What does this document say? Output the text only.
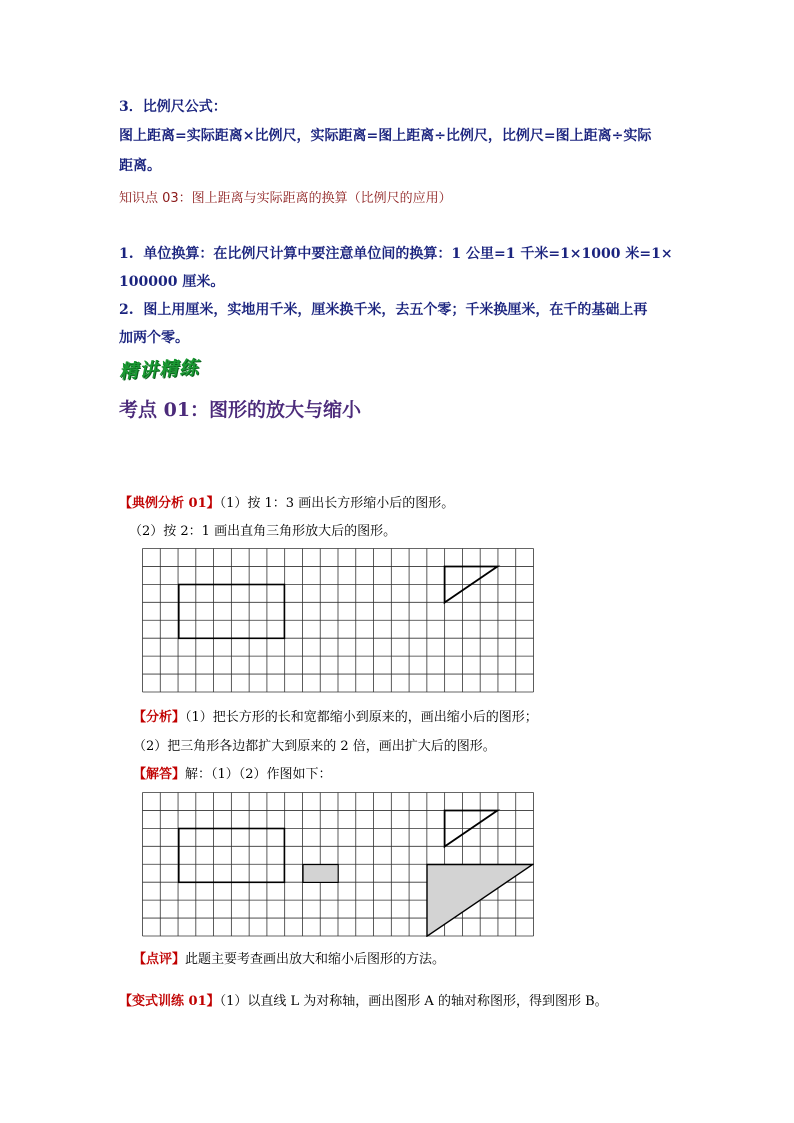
3．比例尺公式：
图上距离=实际距离×比例尺，实际距离=图上距离÷比例尺，比例尺=图上距离÷实际
距离。
知识点 03：图上距离与实际距离的换算（比例尺的应用）
1. 单位换算：在比例尺计算中要注意单位间的换算：1 公里=1 千米=1×1000 米=1×
100000 厘米。
2. 图上用厘米，实地用千米，厘米换千米，去五个零；千米换厘米，在千的基础上再
加两个零。
精讲精练
考点 01：图形的放大与缩小
【典例分析 01】（1）按 1：3 画出长方形缩小后的图形。
（2）按 2：1 画出直角三角形放大后的图形。
【分析】（1）把长方形的长和宽都缩小到原来的，画出缩小后的图形；
（2）把三角形各边都扩大到原来的 2 倍，画出扩大后的图形。
【解答】解：（1）（2）作图如下：
【点评】此题主要考查画出放大和缩小后图形的方法。
【变式训练 01】（1）以直线 L 为对称轴，画出图形 A 的轴对称图形，得到图形 B。
